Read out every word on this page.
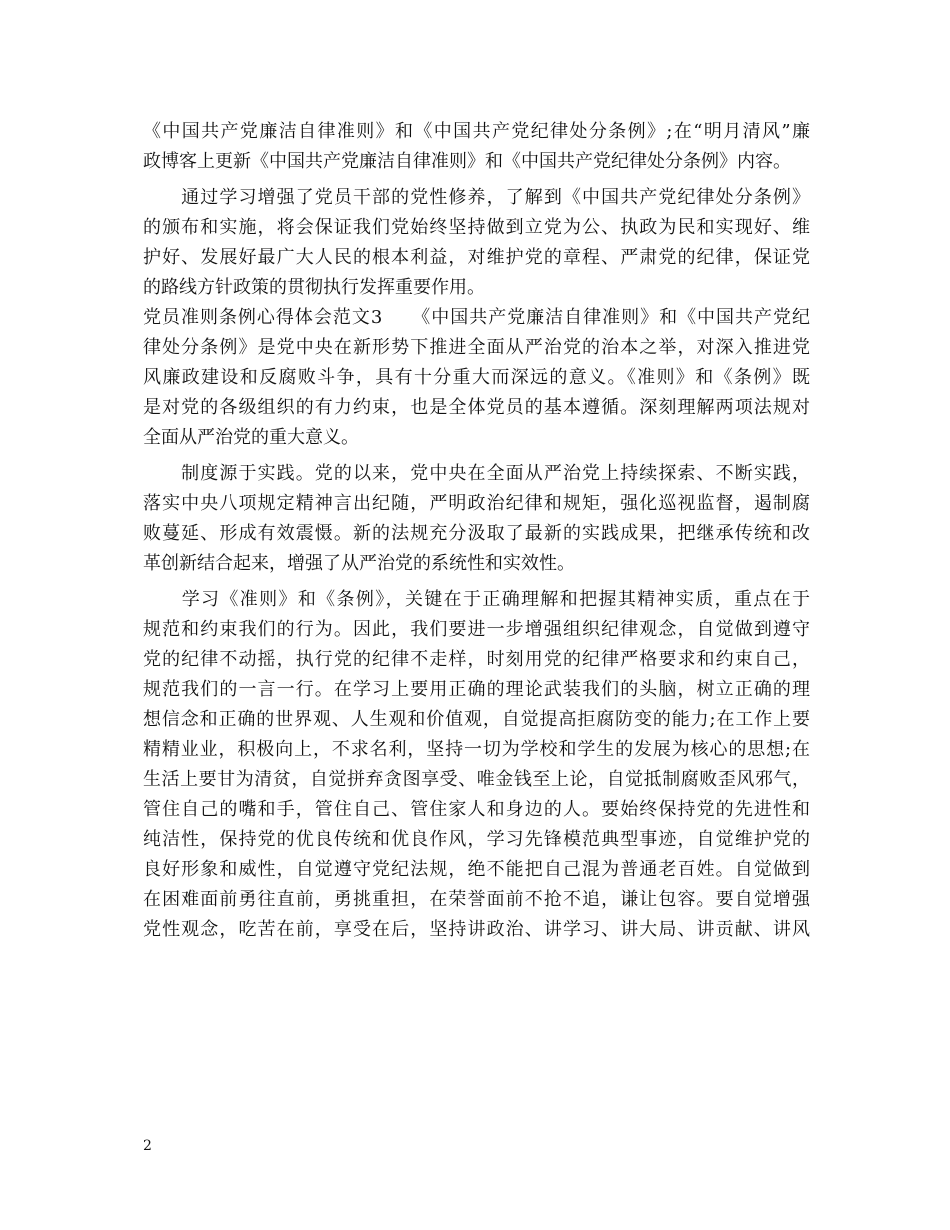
《中国共产党廉洁自律准则》和《中国共产党纪律处分条例》;在“明月清风”廉
政博客上更新《中国共产党廉洁自律准则》和《中国共产党纪律处分条例》内容。
　　通过学习增强了党员干部的党性修养，了解到《中国共产党纪律处分条例》
的颁布和实施，将会保证我们党始终坚持做到立党为公、执政为民和实现好、维
护好、发展好最广大人民的根本利益，对维护党的章程、严肃党的纪律，保证党
的路线方针政策的贯彻执行发挥重要作用。
党员准则条例心得体会范文3　　《中国共产党廉洁自律准则》和《中国共产党纪
律处分条例》是党中央在新形势下推进全面从严治党的治本之举，对深入推进党
风廉政建设和反腐败斗争，具有十分重大而深远的意义。《准则》和《条例》既
是对党的各级组织的有力约束，也是全体党员的基本遵循。深刻理解两项法规对
全面从严治党的重大意义。
　　制度源于实践。党的以来，党中央在全面从严治党上持续探索、不断实践，
落实中央八项规定精神言出纪随，严明政治纪律和规矩，强化巡视监督，遏制腐
败蔓延、形成有效震慑。新的法规充分汲取了最新的实践成果，把继承传统和改
革创新结合起来，增强了从严治党的系统性和实效性。
　　学习《准则》和《条例》，关键在于正确理解和把握其精神实质，重点在于
规范和约束我们的行为。因此，我们要进一步增强组织纪律观念，自觉做到遵守
党的纪律不动摇，执行党的纪律不走样，时刻用党的纪律严格要求和约束自己，
规范我们的一言一行。在学习上要用正确的理论武装我们的头脑，树立正确的理
想信念和正确的世界观、人生观和价值观，自觉提高拒腐防变的能力;在工作上要
精精业业，积极向上，不求名利，坚持一切为学校和学生的发展为核心的思想;在
生活上要甘为清贫，自觉拼弃贪图享受、唯金钱至上论，自觉抵制腐败歪风邪气，
管住自己的嘴和手，管住自己、管住家人和身边的人。要始终保持党的先进性和
纯洁性，保持党的优良传统和优良作风，学习先锋模范典型事迹，自觉维护党的
良好形象和威性，自觉遵守党纪法规，绝不能把自己混为普通老百姓。自觉做到
在困难面前勇往直前，勇挑重担，在荣誉面前不抢不追，谦让包容。要自觉增强
党性观念，吃苦在前，享受在后，坚持讲政治、讲学习、讲大局、讲贡献、讲风
2
